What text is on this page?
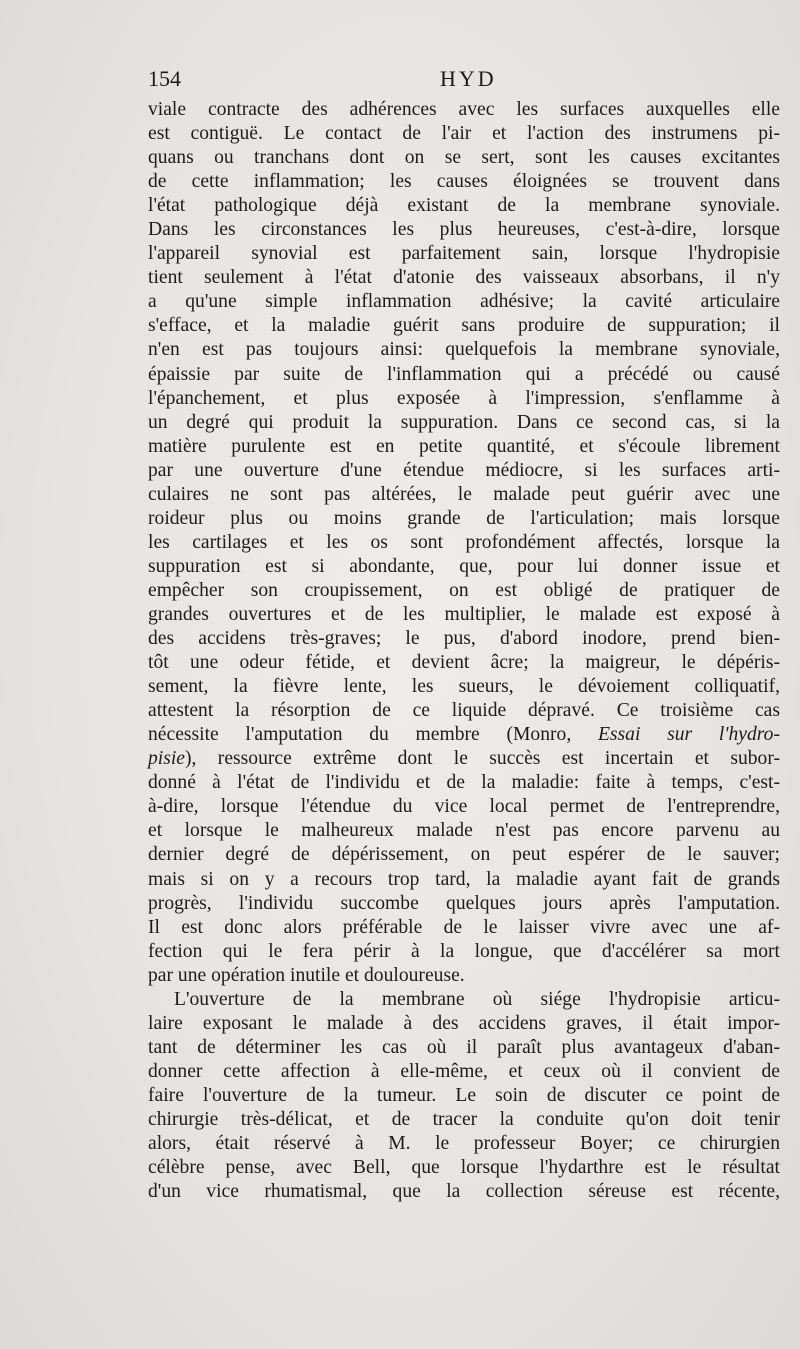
154	HYD
viale contracte des adhérences avec les surfaces auxquelles elle
est contiguë. Le contact de l'air et l'action des instrumens pi-
quans ou tranchans dont on se sert, sont les causes excitantes
de cette inflammation; les causes éloignées se trouvent dans
l'état pathologique déjà existant de la membrane synoviale.
Dans les circonstances les plus heureuses, c'est-à-dire, lorsque
l'appareil synovial est parfaitement sain, lorsque l'hydropisie
tient seulement à l'état d'atonie des vaisseaux absorbans, il n'y
a qu'une simple inflammation adhésive; la cavité articulaire
s'efface, et la maladie guérit sans produire de suppuration; il
n'en est pas toujours ainsi: quelquefois la membrane synoviale,
épaissie par suite de l'inflammation qui a précédé ou causé
l'épanchement, et plus exposée à l'impression, s'enflamme à
un degré qui produit la suppuration. Dans ce second cas, si la
matière purulente est en petite quantité, et s'écoule librement
par une ouverture d'une étendue médiocre, si les surfaces arti-
culaires ne sont pas altérées, le malade peut guérir avec une
roideur plus ou moins grande de l'articulation; mais lorsque
les cartilages et les os sont profondément affectés, lorsque la
suppuration est si abondante, que, pour lui donner issue et
empêcher son croupissement, on est obligé de pratiquer de
grandes ouvertures et de les multiplier, le malade est exposé à
des accidens très-graves; le pus, d'abord inodore, prend bien-
tôt une odeur fétide, et devient âcre; la maigreur, le dépéris-
sement, la fièvre lente, les sueurs, le dévoiement colliquatif,
attestent la résorption de ce liquide dépravé. Ce troisième cas
nécessite l'amputation du membre (Monro, Essai sur l'hydro-
pisie), ressource extrême dont le succès est incertain et subor-
donné à l'état de l'individu et de la maladie: faite à temps, c'est-
à-dire, lorsque l'étendue du vice local permet de l'entreprendre,
et lorsque le malheureux malade n'est pas encore parvenu au
dernier degré de dépérissement, on peut espérer de le sauver;
mais si on y a recours trop tard, la maladie ayant fait de grands
progrès, l'individu succombe quelques jours après l'amputation.
Il est donc alors préférable de le laisser vivre avec une af-
fection qui le fera périr à la longue, que d'accélérer sa mort
par une opération inutile et douloureuse.
L'ouverture de la membrane où siége l'hydropisie articu-
laire exposant le malade à des accidens graves, il était impor-
tant de déterminer les cas où il paraît plus avantageux d'aban-
donner cette affection à elle-même, et ceux où il convient de
faire l'ouverture de la tumeur. Le soin de discuter ce point de
chirurgie très-délicat, et de tracer la conduite qu'on doit tenir
alors, était réservé à M. le professeur Boyer; ce chirurgien
célèbre pense, avec Bell, que lorsque l'hydarthre est le résultat
d'un vice rhumatismal, que la collection séreuse est récente,
